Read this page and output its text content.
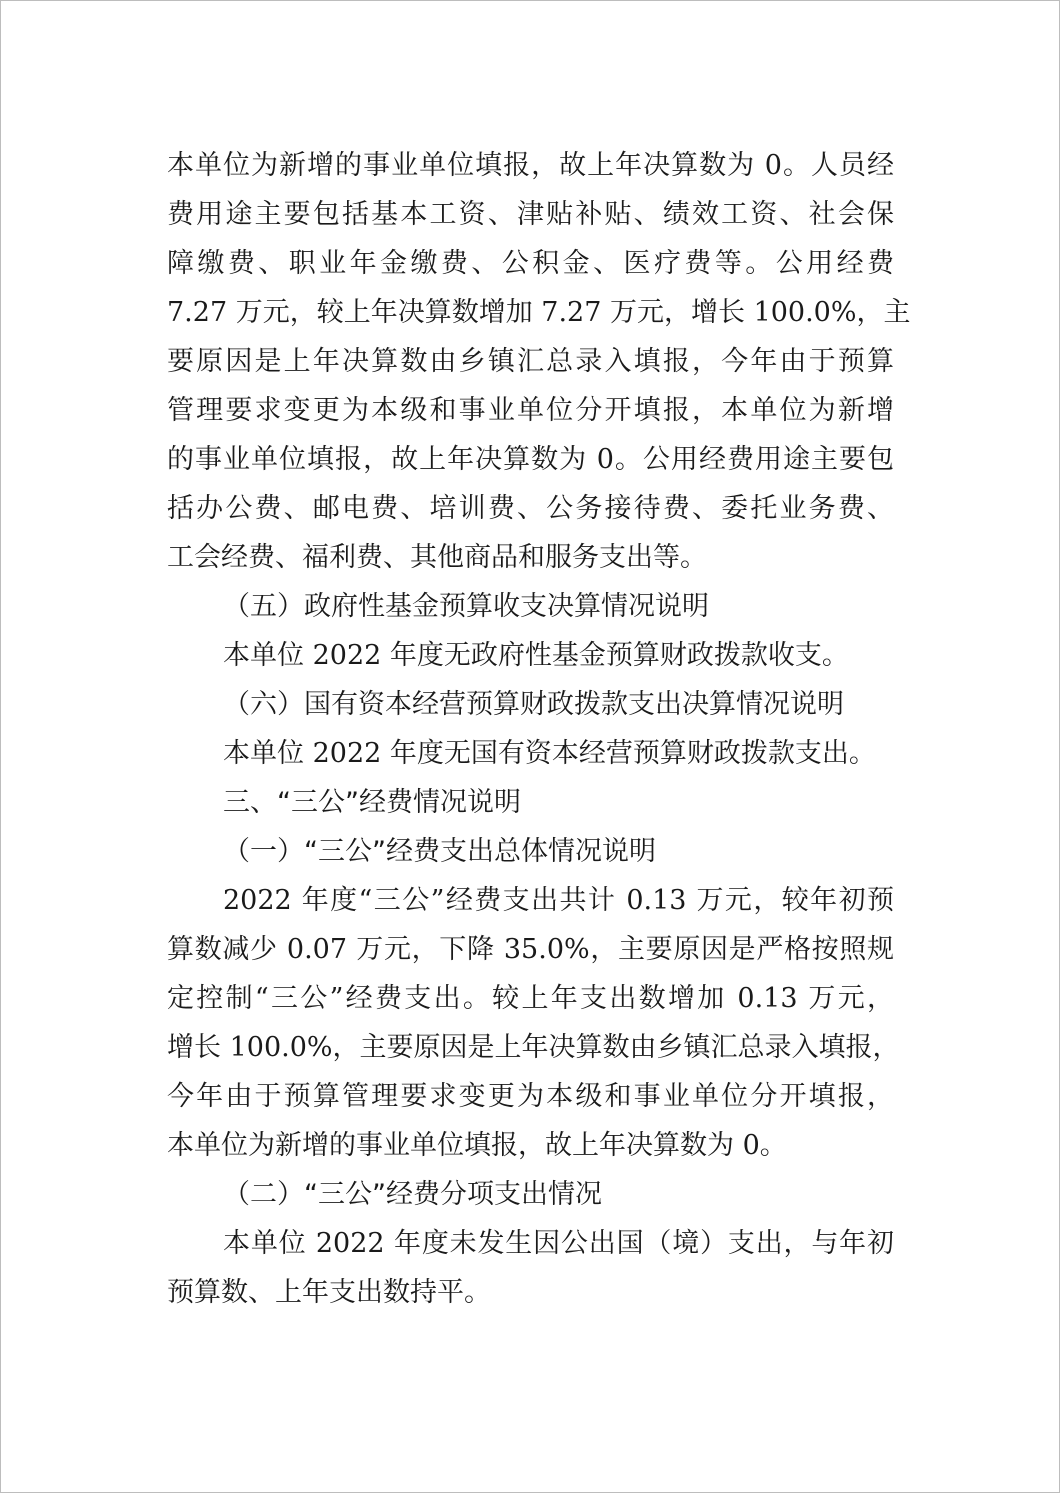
本单位为新增的事业单位填报，故上年决算数为 0。人员经
费用途主要包括基本工资、津贴补贴、绩效工资、社会保
障缴费、职业年金缴费、公积金、医疗费等。公用经费
7.27 万元，较上年决算数增加 7.27 万元，增长 100.0%，主
要原因是上年决算数由乡镇汇总录入填报，今年由于预算
管理要求变更为本级和事业单位分开填报，本单位为新增
的事业单位填报，故上年决算数为 0。公用经费用途主要包
括办公费、邮电费、培训费、公务接待费、委托业务费、
工会经费、福利费、其他商品和服务支出等。
（五）政府性基金预算收支决算情况说明
本单位 2022 年度无政府性基金预算财政拨款收支。
（六）国有资本经营预算财政拨款支出决算情况说明
本单位 2022 年度无国有资本经营预算财政拨款支出。
三、“三公”经费情况说明
（一）“三公”经费支出总体情况说明
2022 年度“三公”经费支出共计 0.13 万元，较年初预
算数减少 0.07 万元，下降 35.0%，主要原因是严格按照规
定控制“三公”经费支出。较上年支出数增加 0.13 万元，
增长 100.0%，主要原因是上年决算数由乡镇汇总录入填报，
今年由于预算管理要求变更为本级和事业单位分开填报，
本单位为新增的事业单位填报，故上年决算数为 0。
（二）“三公”经费分项支出情况
本单位 2022 年度未发生因公出国（境）支出，与年初
预算数、上年支出数持平。
